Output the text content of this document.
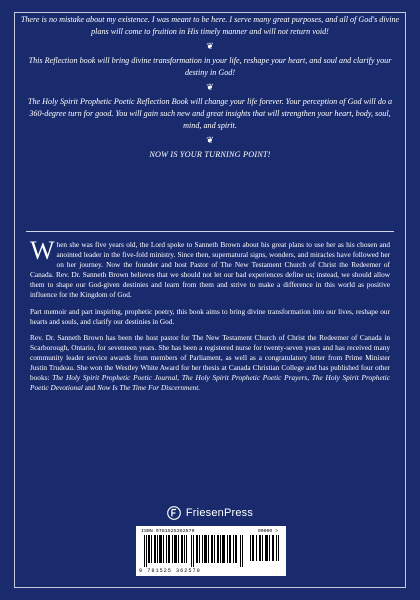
There is no mistake about my existence. I was meant to be here. I serve many great purposes, and all of God's divine plans will come to fruition in His timely manner and will not return void!

❦

This Reflection book will bring divine transformation in your life, reshape your heart, and soul and clarify your destiny in God!

❦

The Holy Spirit Prophetic Poetic Reflection Book will change your life forever. Your perception of God will do a 360-degree turn for good. You will gain such new and great insights that will strengthen your heart, body, soul, mind, and spirit.

❦

NOW IS YOUR TURNING POINT!

When she was five years old, the Lord spoke to Sanneth Brown about his great plans to use her as his chosen and anointed leader in the five-fold ministry. Since then, supernatural signs, wonders, and miracles have followed her on her journey. Now the founder and host Pastor of The New Testament Church of Christ the Redeemer of Canada. Rev. Dr. Sanneth Brown believes that we should not let our bad experiences define us; instead, we should allow them to shape our God-given destinies and learn from them and strive to make a difference in this world as positive influence for the Kingdom of God.

Part memoir and part inspiring, prophetic poetry, this book aims to bring divine transformation into our lives, reshape our hearts and souls, and clarify our destinies in God.

Rev. Dr. Sanneth Brown has been the host pastor for The New Testament Church of Christ the Redeemer of Canada in Scarborough, Ontario, for seventeen years. She has been a registered nurse for twenty-seven years and has received many community leader service awards from members of Parliament, as well as a congratulatory letter from Prime Minister Justin Trudeau. She won the Westley White Award for her thesis at Canada Christian College and has published four other books: The Holy Spirit Prophetic Poetic Journal, The Holy Spirit Prophetic Poetic Prayers, The Holy Spirit Prophetic Poetic Devotional and Now Is The Time For Discernment.

FriesenPress
ISBN 978152536257​0	90000 >
9 781525 362570
